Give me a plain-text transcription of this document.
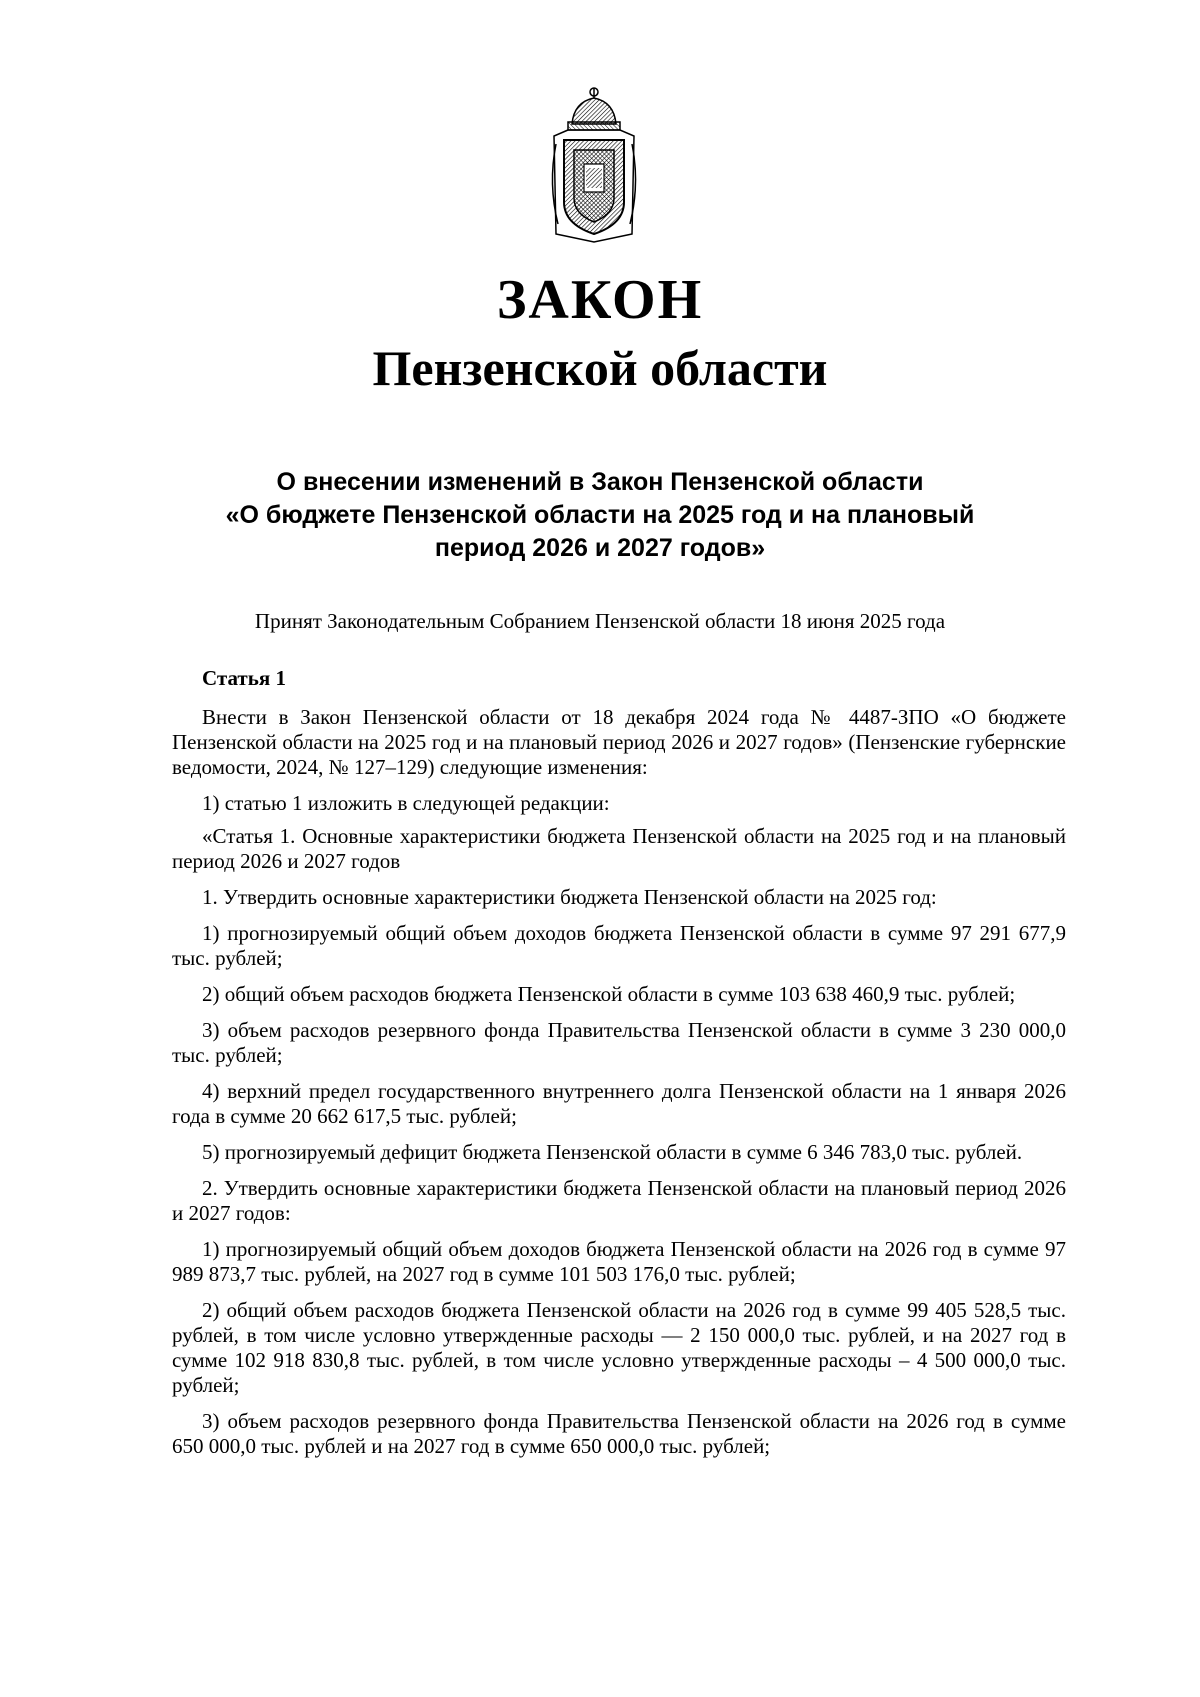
ЗАКОН
Пензенской области
О внесении изменений в Закон Пензенской области
«О бюджете Пензенской области на 2025 год и на плановый
период 2026 и 2027 годов»
Принят Законодательным Собранием Пензенской области 18 июня 2025 года

Статья 1

Внести в Закон Пензенской области от 18 декабря 2024 года № 4487-ЗПО «О бюджете Пензенской области на 2025 год и на плановый период 2026 и 2027 годов» (Пензенские губернские ведомости, 2024, № 127–129) следующие изменения:

1) статью 1 изложить в следующей редакции:

«Статья 1. Основные характеристики бюджета Пензенской области на 2025 год и на плановый период 2026 и 2027 годов

1. Утвердить основные характеристики бюджета Пензенской области на 2025 год:

1) прогнозируемый общий объем доходов бюджета Пензенской области в сумме 97 291 677,9 тыс. рублей;

2) общий объем расходов бюджета Пензенской области в сумме 103 638 460,9 тыс. рублей;

3) объем расходов резервного фонда Правительства Пензенской области в сумме 3 230 000,0 тыс. рублей;

4) верхний предел государственного внутреннего долга Пензенской области на 1 января 2026 года в сумме 20 662 617,5 тыс. рублей;

5) прогнозируемый дефицит бюджета Пензенской области в сумме 6 346 783,0 тыс. рублей.

2. Утвердить основные характеристики бюджета Пензенской области на плановый период 2026 и 2027 годов:

1) прогнозируемый общий объем доходов бюджета Пензенской области на 2026 год в сумме 97 989 873,7 тыс. рублей, на 2027 год в сумме 101 503 176,0 тыс. рублей;

2) общий объем расходов бюджета Пензенской области на 2026 год в сумме 99 405 528,5 тыс. рублей, в том числе условно утвержденные расходы — 2 150 000,0 тыс. рублей, и на 2027 год в сумме 102 918 830,8 тыс. рублей, в том числе условно утвержденные расходы – 4 500 000,0 тыс. рублей;

3) объем расходов резервного фонда Правительства Пензенской области на 2026 год в сумме 650 000,0 тыс. рублей и на 2027 год в сумме 650 000,0 тыс. рублей;
